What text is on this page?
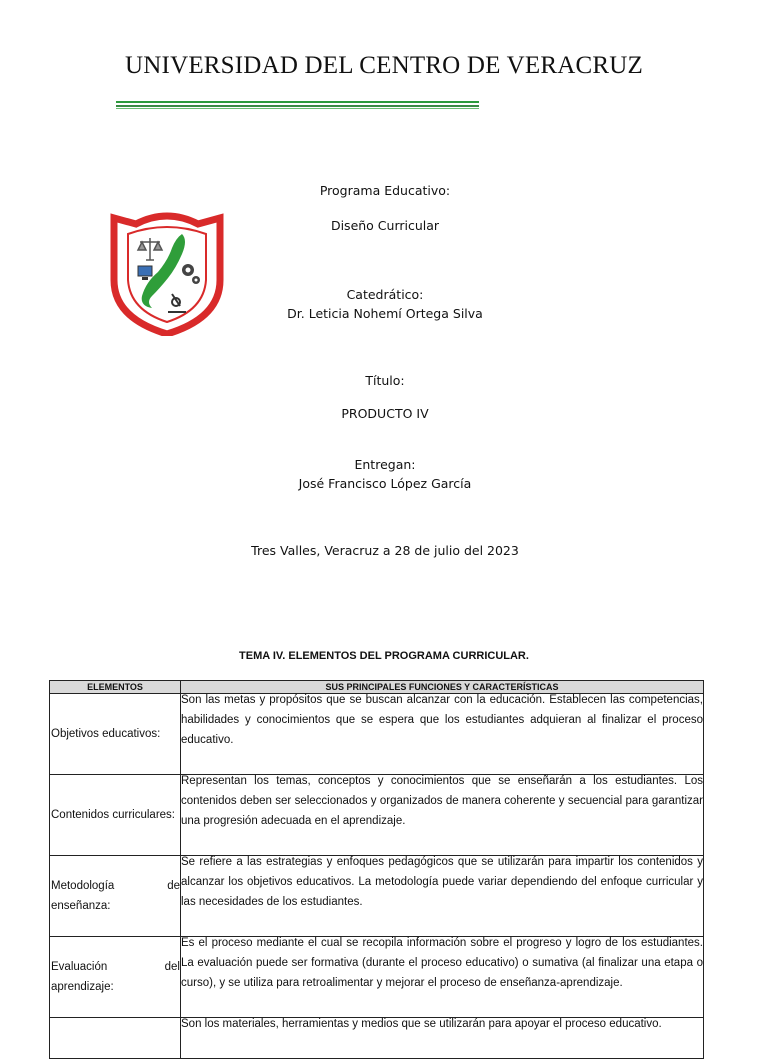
UNIVERSIDAD DEL CENTRO DE VERACRUZ
Programa Educativo:
Diseño Curricular
Catedrático:
Dr. Leticia Nohemí Ortega Silva
Título:
PRODUCTO IV
Entregan:
José Francisco López García
Tres Valles, Veracruz a 28 de julio del 2023
TEMA IV. ELEMENTOS DEL PROGRAMA CURRICULAR.
ELEMENTOS	SUS PRINCIPALES FUNCIONES Y CARACTERÍSTICAS
Objetivos educativos:	Son las metas y propósitos que se buscan alcanzar con la educación. Establecen las competencias, habilidades y conocimientos que se espera que los estudiantes adquieran al finalizar el proceso educativo.

Contenidos curriculares:	Representan los temas, conceptos y conocimientos que se enseñarán a los estudiantes. Los contenidos deben ser seleccionados y organizados de manera coherente y secuencial para garantizar una progresión adecuada en el aprendizaje.

Metodología de

enseñanza:	Se refiere a las estrategias y enfoques pedagógicos que se utilizarán para impartir los contenidos y alcanzar los objetivos educativos. La metodología puede variar dependiendo del enfoque curricular y las necesidades de los estudiantes.

Evaluación del

aprendizaje:	Es el proceso mediante el cual se recopila información sobre el progreso y logro de los estudiantes. La evaluación puede ser formativa (durante el proceso educativo) o sumativa (al finalizar una etapa o curso), y se utiliza para retroalimentar y mejorar el proceso de enseñanza-aprendizaje.

	Son los materiales, herramientas y medios que se utilizarán para apoyar el proceso educativo.
